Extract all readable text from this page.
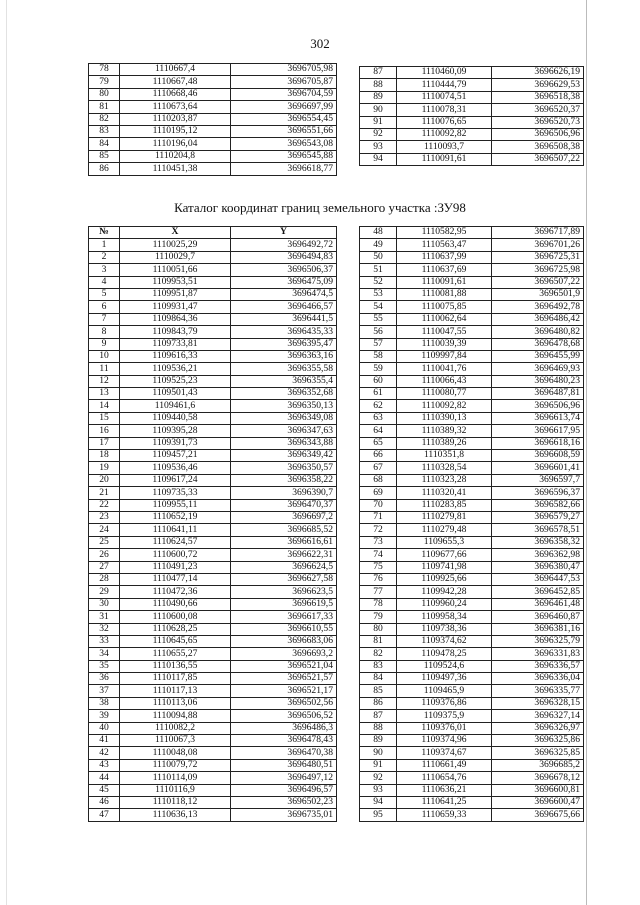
302
78	1110667,4	3696705,98
79	1110667,48	3696705,87
80	1110668,46	3696704,59
81	1110673,64	3696697,99
82	1110203,87	3696554,45
83	1110195,12	3696551,66
84	1110196,04	3696543,08
85	1110204,8	3696545,88
86	1110451,38	3696618,77
87	1110460,09	3696626,19
88	1110444,79	3696629,53
89	1110074,51	3696518,38
90	1110078,31	3696520,37
91	1110076,65	3696520,73
92	1110092,82	3696506,96
93	1110093,7	3696508,38
94	1110091,61	3696507,22
Каталог координат границ земельного участка :ЗУ98
№	X	Y
1	1110025,29	3696492,72
2	1110029,7	3696494,83
3	1110051,66	3696506,37
4	1109953,51	3696475,09
5	1109951,87	3696474,5
6	1109931,47	3696466,57
7	1109864,36	3696441,5
8	1109843,79	3696435,33
9	1109733,81	3696395,47
10	1109616,33	3696363,16
11	1109536,21	3696355,58
12	1109525,23	3696355,4
13	1109501,43	3696352,68
14	1109461,6	3696350,13
15	1109440,58	3696349,08
16	1109395,28	3696347,63
17	1109391,73	3696343,88
18	1109457,21	3696349,42
19	1109536,46	3696350,57
20	1109617,24	3696358,22
21	1109735,33	3696390,7
22	1109955,11	3696470,37
23	1110652,19	3696697,2
24	1110641,11	3696685,52
25	1110624,57	3696616,61
26	1110600,72	3696622,31
27	1110491,23	3696624,5
28	1110477,14	3696627,58
29	1110472,36	3696623,5
30	1110490,66	3696619,5
31	1110600,08	3696617,33
32	1110628,25	3696610,55
33	1110645,65	3696683,06
34	1110655,27	3696693,2
35	1110136,55	3696521,04
36	1110117,85	3696521,57
37	1110117,13	3696521,17
38	1110113,06	3696502,56
39	1110094,88	3696506,52
40	1110082,2	3696486,3
41	1110067,3	3696478,43
42	1110048,08	3696470,38
43	1110079,72	3696480,51
44	1110114,09	3696497,12
45	1110116,9	3696496,57
46	1110118,12	3696502,23
47	1110636,13	3696735,01
48	1110582,95	3696717,89
49	1110563,47	3696701,26
50	1110637,99	3696725,31
51	1110637,69	3696725,98
52	1110091,61	3696507,22
53	1110081,88	3696501,9
54	1110075,85	3696492,78
55	1110062,64	3696486,42
56	1110047,55	3696480,82
57	1110039,39	3696478,68
58	1109997,84	3696455,99
59	1110041,76	3696469,93
60	1110066,43	3696480,23
61	1110080,77	3696487,81
62	1110092,82	3696506,96
63	1110390,13	3696613,74
64	1110389,32	3696617,95
65	1110389,26	3696618,16
66	1110351,8	3696608,59
67	1110328,54	3696601,41
68	1110323,28	3696597,7
69	1110320,41	3696596,37
70	1110283,85	3696582,66
71	1110279,81	3696579,27
72	1110279,48	3696578,51
73	1109655,3	3696358,32
74	1109677,66	3696362,98
75	1109741,98	3696380,47
76	1109925,66	3696447,53
77	1109942,28	3696452,85
78	1109960,24	3696461,48
79	1109958,34	3696460,87
80	1109738,36	3696381,16
81	1109374,62	3696325,79
82	1109478,25	3696331,83
83	1109524,6	3696336,57
84	1109497,36	3696336,04
85	1109465,9	3696335,77
86	1109376,86	3696328,15
87	1109375,9	3696327,14
88	1109376,01	3696326,97
89	1109374,96	3696325,86
90	1109374,67	3696325,85
91	1110661,49	3696685,2
92	1110654,76	3696678,12
93	1110636,21	3696600,81
94	1110641,25	3696600,47
95	1110659,33	3696675,66
